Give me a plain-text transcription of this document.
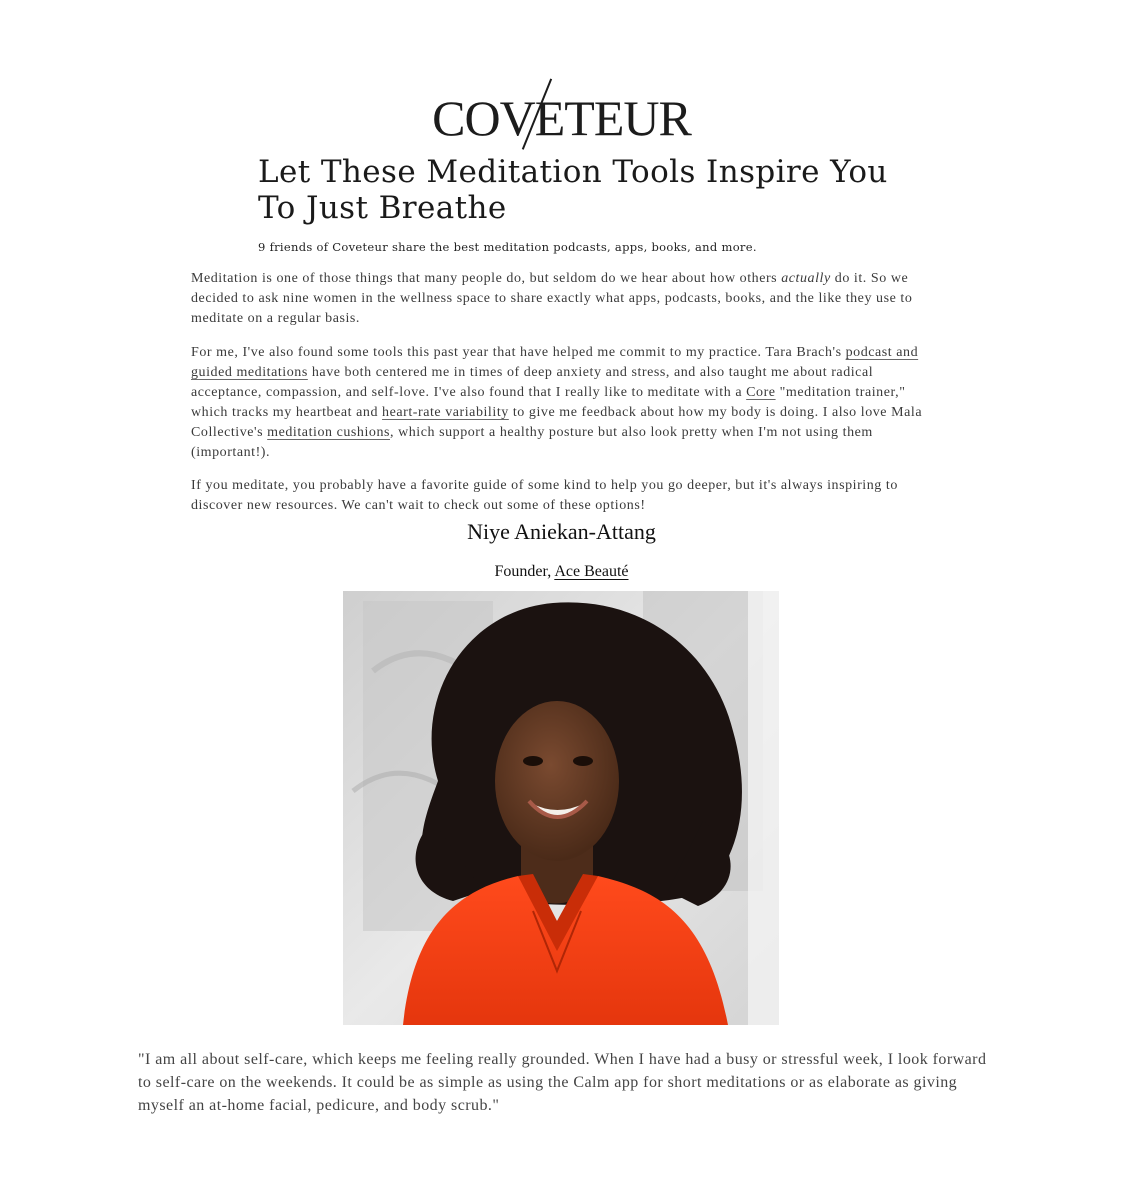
COVETEUR
Let These Meditation Tools Inspire You To Just Breathe
9 friends of Coveteur share the best meditation podcasts, apps, books, and more.

Meditation is one of those things that many people do, but seldom do we hear about how others actually do it. So we decided to ask nine women in the wellness space to share exactly what apps, podcasts, books, and the like they use to meditate on a regular basis.

For me, I've also found some tools this past year that have helped me commit to my practice. Tara Brach's podcast and guided meditations have both centered me in times of deep anxiety and stress, and also taught me about radical acceptance, compassion, and self-love. I've also found that I really like to meditate with a Core "meditation trainer," which tracks my heartbeat and heart-rate variability to give me feedback about how my body is doing. I also love Mala Collective's meditation cushions, which support a healthy posture but also look pretty when I'm not using them (important!).

If you meditate, you probably have a favorite guide of some kind to help you go deeper, but it's always inspiring to discover new resources. We can't wait to check out some of these options!

Niye Aniekan-Attang
Founder, Ace Beauté

"I am all about self-care, which keeps me feeling really grounded. When I have had a busy or stressful week, I look forward to self-care on the weekends. It could be as simple as using the Calm app for short meditations or as elaborate as giving myself an at-home facial, pedicure, and body scrub."
